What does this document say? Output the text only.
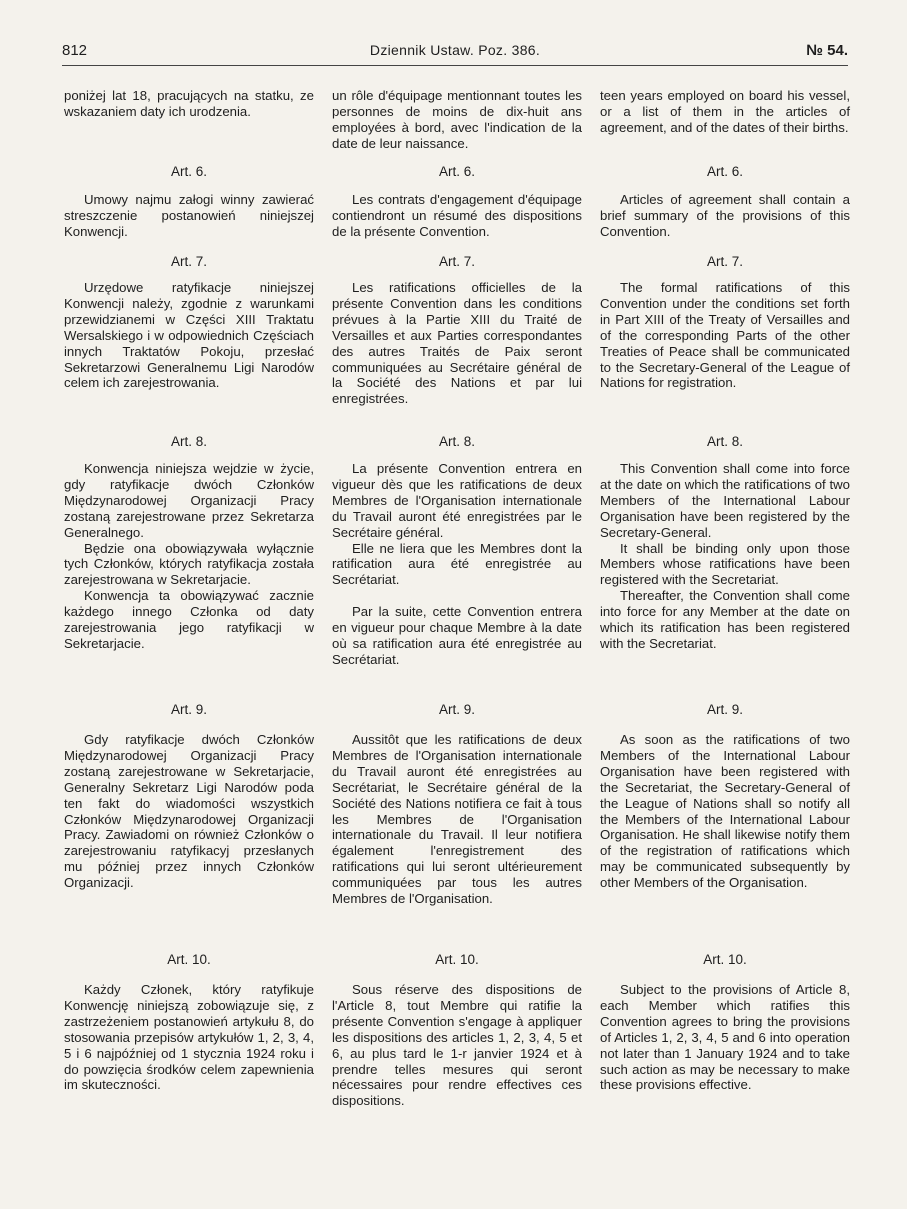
812	Dziennik Ustaw. Poz. 386.	№ 54.

poniżej lat 18, pracujących na statku, ze wskazaniem daty ich urodzenia.

Art. 6.

Umowy najmu załogi winny zawierać streszczenie postanowień niniejszej Konwencji.

Art. 7.

Urzędowe ratyfikacje niniejszej Konwencji należy, zgodnie z warunkami przewidzianemi w Części XIII Traktatu Wersalskiego i w odpowiednich Częściach innych Traktatów Pokoju, przesłać Sekretarzowi Generalnemu Ligi Narodów celem ich zarejestrowania.

Art. 8.

Konwencja niniejsza wejdzie w życie, gdy ratyfikacje dwóch Członków Międzynarodowej Organizacji Pracy zostaną zarejestrowane przez Sekretarza Generalnego.

Będzie ona obowiązywała wyłącznie tych Członków, których ratyfikacja została zarejestrowana w Sekretarjacie.

Konwencja ta obowiązywać zacznie każdego innego Członka od daty zarejestrowania jego ratyfikacji w Sekretarjacie.

Art. 9.

Gdy ratyfikacje dwóch Członków Międzynarodowej Organizacji Pracy zostaną zarejestrowane w Sekretarjacie, Generalny Sekretarz Ligi Narodów poda ten fakt do wiadomości wszystkich Członków Międzynarodowej Organizacji Pracy. Zawiadomi on również Członków o zarejestrowaniu ratyfikacyj przesłanych mu później przez innych Członków Organizacji.

Art. 10.

Każdy Członek, który ratyfikuje Konwencję niniejszą zobowiązuje się, z zastrzeżeniem postanowień artykułu 8, do stosowania przepisów artykułów 1, 2, 3, 4, 5 i 6 najpóźniej od 1 stycznia 1924 roku i do powzięcia środków celem zapewnienia im skuteczności.

un rôle d'équipage mentionnant toutes les personnes de moins de dix-huit ans employées à bord, avec l'indication de la date de leur naissance.

Art. 6.

Les contrats d'engagement d'équipage contiendront un résumé des dispositions de la présente Convention.

Art. 7.

Les ratifications officielles de la présente Convention dans les conditions prévues à la Partie XIII du Traité de Versailles et aux Parties correspondantes des autres Traités de Paix seront communiquées au Secrétaire général de la Société des Nations et par lui enregistrées.

Art. 8.

La présente Convention entrera en vigueur dès que les ratifications de deux Membres de l'Organisation internationale du Travail auront été enregistrées par le Secrétaire général.

Elle ne liera que les Membres dont la ratification aura été enregistrée au Secrétariat.

Par la suite, cette Convention entrera en vigueur pour chaque Membre à la date où sa ratification aura été enregistrée au Secrétariat.

Art. 9.

Aussitôt que les ratifications de deux Membres de l'Organisation internationale du Travail auront été enregistrées au Secrétariat, le Secrétaire général de la Société des Nations notifiera ce fait à tous les Membres de l'Organisation internationale du Travail. Il leur notifiera également l'enregistrement des ratifications qui lui seront ultérieurement communiquées par tous les autres Membres de l'Organisation.

Art. 10.

Sous réserve des dispositions de l'Article 8, tout Membre qui ratifie la présente Convention s'engage à appliquer les dispositions des articles 1, 2, 3, 4, 5 et 6, au plus tard le 1-r janvier 1924 et à prendre telles mesures qui seront nécessaires pour rendre effectives ces dispositions.

teen years employed on board his vessel, or a list of them in the articles of agreement, and of the dates of their births.

Art. 6.

Articles of agreement shall contain a brief summary of the provisions of this Convention.

Art. 7.

The formal ratifications of this Convention under the conditions set forth in Part XIII of the Treaty of Versailles and of the corresponding Parts of the other Treaties of Peace shall be communicated to the Secretary-General of the League of Nations for registration.

Art. 8.

This Convention shall come into force at the date on which the ratifications of two Members of the International Labour Organisation have been registered by the Secretary-General.

It shall be binding only upon those Members whose ratifications have been registered with the Secretariat.

Thereafter, the Convention shall come into force for any Member at the date on which its ratification has been registered with the Secretariat.

Art. 9.

As soon as the ratifications of two Members of the International Labour Organisation have been registered with the Secretariat, the Secretary-General of the League of Nations shall so notify all the Members of the International Labour Organisation. He shall likewise notify them of the registration of ratifications which may be communicated subsequently by other Members of the Organisation.

Art. 10.

Subject to the provisions of Article 8, each Member which ratifies this Convention agrees to bring the provisions of Articles 1, 2, 3, 4, 5 and 6 into operation not later than 1 January 1924 and to take such action as may be necessary to make these provisions effective.
